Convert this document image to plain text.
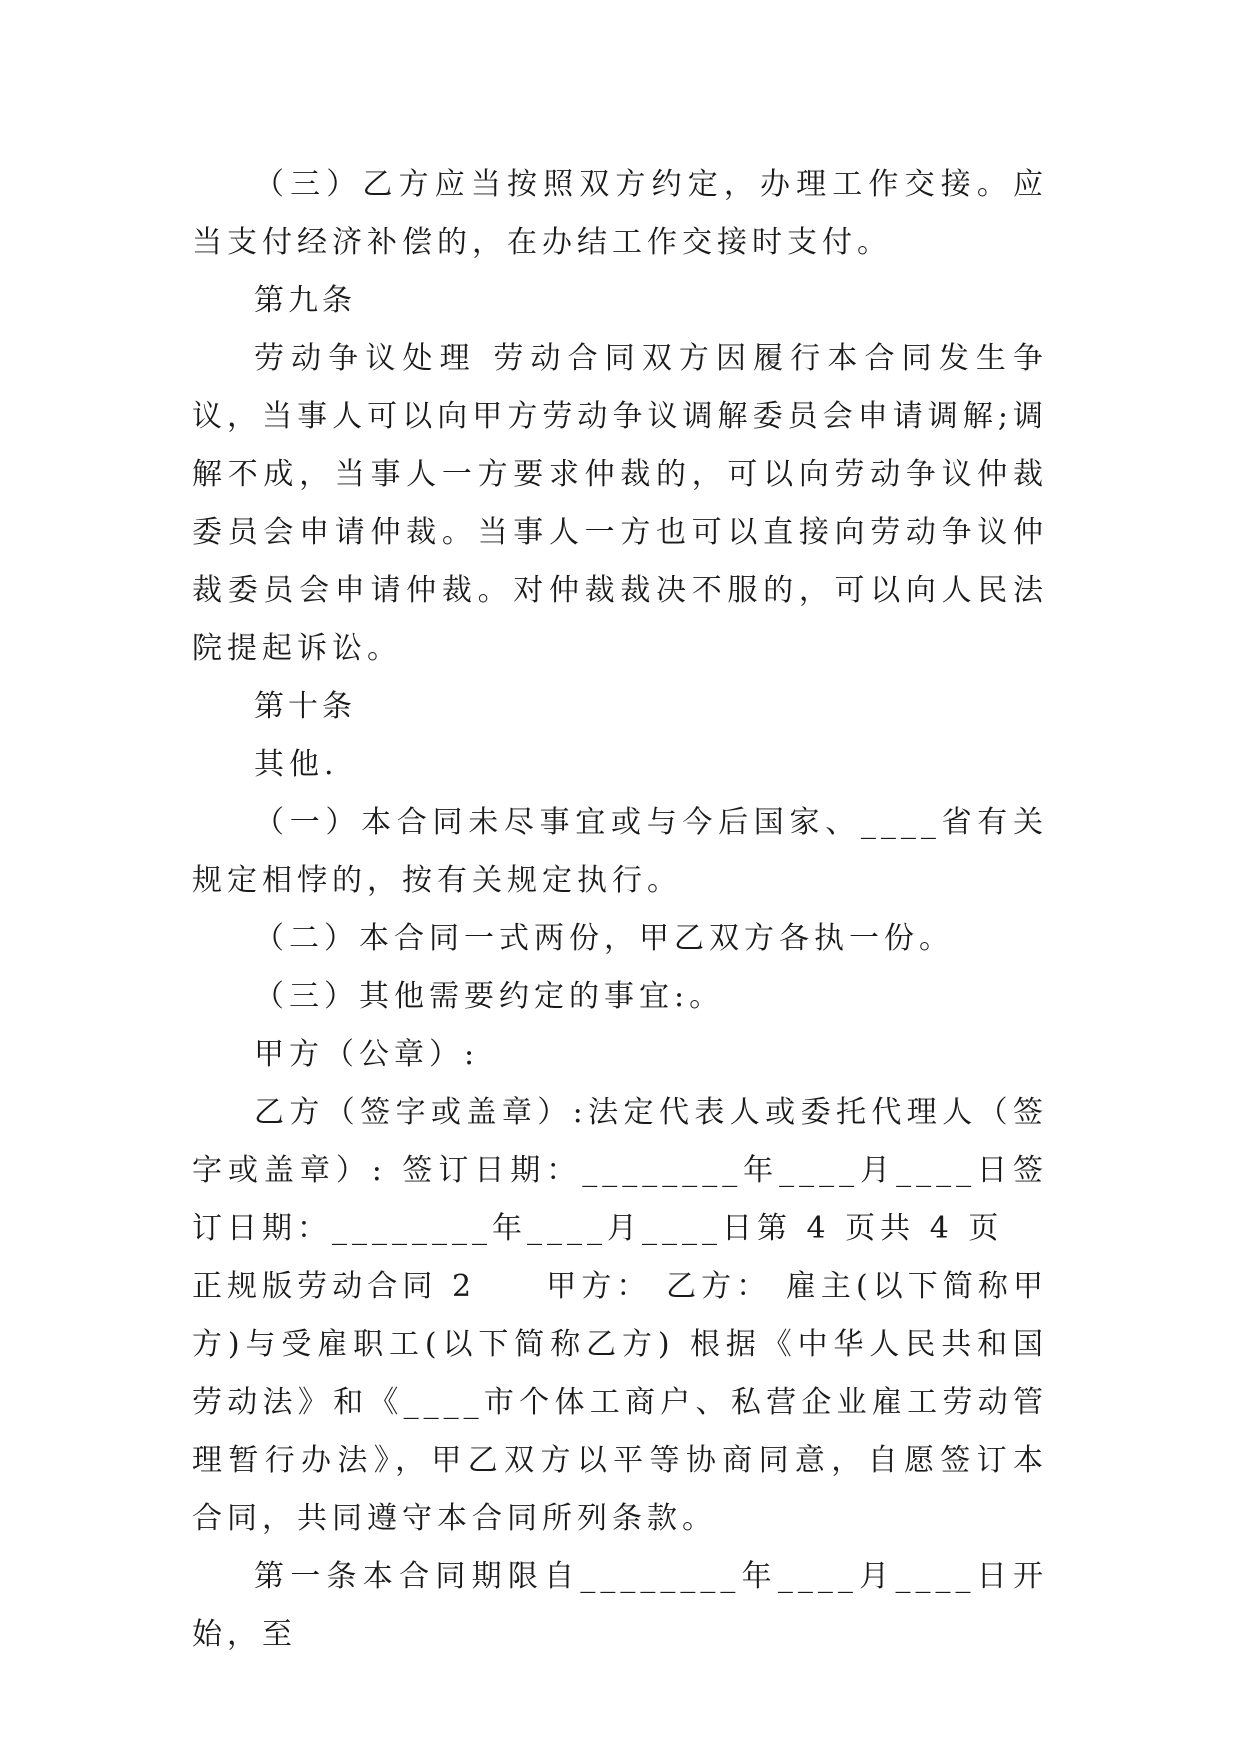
（三）乙方应当按照双方约定，办理工作交接。应当支付经济补偿的，在办结工作交接时支付。

第九条

劳动争议处理 劳动合同双方因履行本合同发生争议，当事人可以向甲方劳动争议调解委员会申请调解;调解不成，当事人一方要求仲裁的，可以向劳动争议仲裁委员会申请仲裁。当事人一方也可以直接向劳动争议仲裁委员会申请仲裁。对仲裁裁决不服的，可以向人民法院提起诉讼。

第十条

其他.

（一）本合同未尽事宜或与今后国家、____省有关规定相悖的，按有关规定执行。

（二）本合同一式两份，甲乙双方各执一份。

（三）其他需要约定的事宜:。

甲方（公章）:

乙方（签字或盖章）:法定代表人或委托代理人（签字或盖章）: 签订日期：________年____月____日签订日期：________年____月____日第 4 页共 4 页

正规版劳动合同 2　　甲方： 乙方： 雇主(以下简称甲方)与受雇职工(以下简称乙方) 根据《中华人民共和国劳动法》和《____市个体工商户、私营企业雇工劳动管理暂行办法》，甲乙双方以平等协商同意，自愿签订本合同，共同遵守本合同所列条款。

第一条本合同期限自________年____月____日开始，至
